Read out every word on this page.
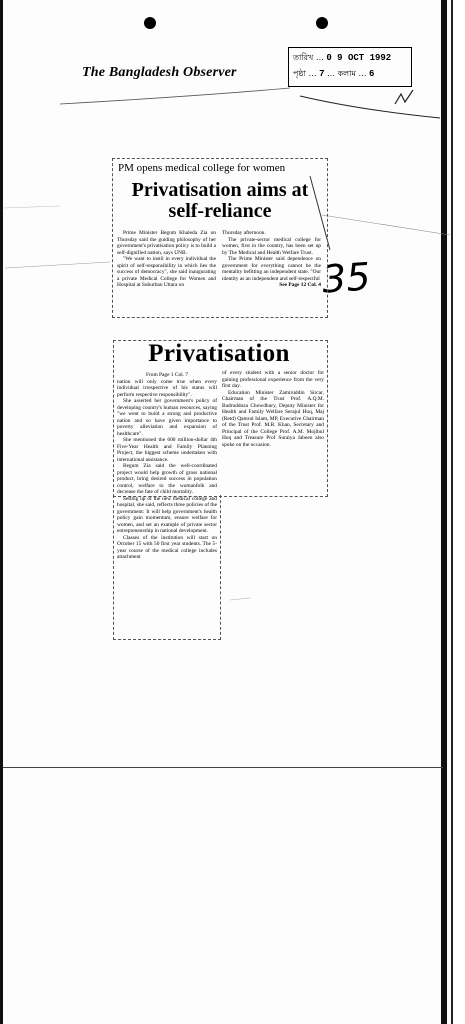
The Bangladesh Observer
তারিখ … 0 9 OCT 1992
পৃষ্ঠা … 7 … কলাম … 6
35
PM opens medical college for women
Privatisation aims at self-reliance

Prime Minister Begum Khaleda Zia on Thursday said the guiding philosophy of her government's privatisation policy is to build a self-dignified nation, says UNB.

"We want to instil in every individual the spirit of self-responsibility in which lies the success of democracy", she said inaugurating a private Medical College for Women and Hospital at Suburban Uttara on

Thursday afternoon.

The private-sector medical college for women, first in the country, has been set up by The Medical and Health Welfare Trust.

The Prime Minister said dependence on government for everything cannot be the mentality befitting an independent state. "Our identity as an independent and self-respectful

See Page 12 Col. 4

Privatisation

From Page 1 Col. 7

nation will only come true when every individual irrespective of his status will perform respective responsibility".

She asserted her government's policy of developing country's human resources, saying "we went to build a strong and productive nation and so have given importance to poverty alleviation and expansion of healthcare".

She mentioned the 600 million-dollar 4th Five-Year Health and Family Planning Project, the biggest scheme undertaken with international assistance.

Begum Zia said the well-coordinated project would help growth of gross national product, bring desired success in population control, welfare to the womanfolk and decrease the fate of child mortality.

Setting up of the new medical college and hospital, she said, reflects three policies of the government: It will help government's health policy gain momentum, ensure welfare for women, and set an example of private sector entrepreneurship in national development.

Classes of the institution will start on October 15 with 50 first year students. The 5-year course of the medical college includes attachment

of every student with a senior doctor for gaining professional experience from the very first day.

Education Minister Zamiruddin Sircar, Chairman of the Trust Prof. A.Q.M. Badruddoza Chowdhury, Deputy Minister for Health and Family Welfare Serajul Huq, Maj (Retd) Qamrul Islam, MP, Executive Chairman of the Trust Prof. M.R. Khan, Secretary and Principal of the College Prof. A.M. Mojibul Huq and Treasure Prof Suraiya Jabeen also spoke on the occasion.
